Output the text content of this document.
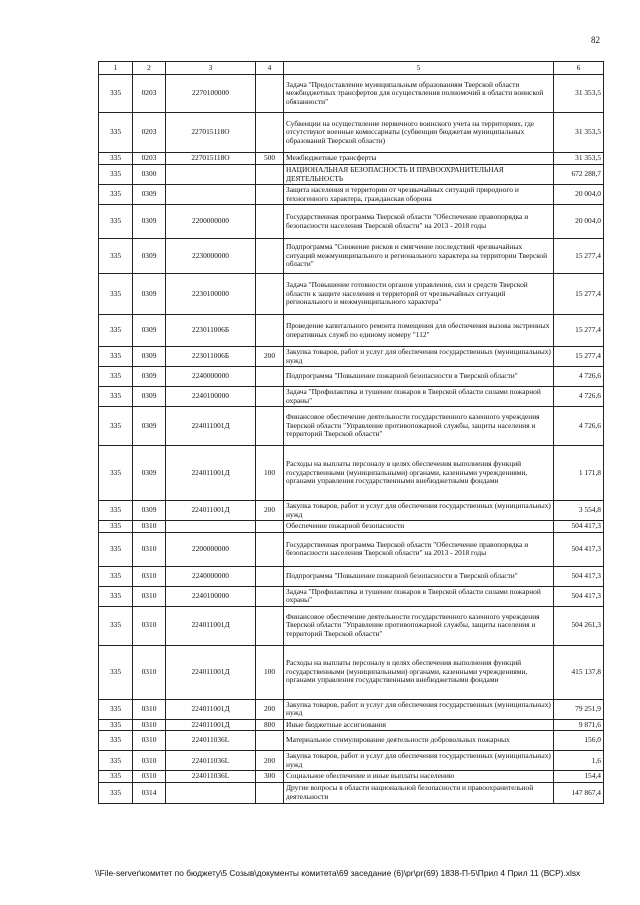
82
1	2	3	4	5	6
335	0203	2270100000		Задача "Предоставление муниципальным образованиям Тверской области межбюджетных трансфертов для осуществления полномочий в области воинской обязанности"	31 353,5
335	0203	227015118О		Субвенции на осуществление первичного воинского учета на территориях, где отсутствуют военные комиссариаты (субвенции бюджетам муниципальных образований Тверской области)	31 353,5
335	0203	227015118О	500	Межбюджетные трансферты	31 353,5
335	0300			НАЦИОНАЛЬНАЯ БЕЗОПАСНОСТЬ И ПРАВООХРАНИТЕЛЬНАЯ ДЕЯТЕЛЬНОСТЬ	672 288,7
335	0309			Защита населения и территории от чрезвычайных ситуаций природного и техногенного характера, гражданская оборона	20 004,0
335	0309	2200000000		Государственная программа Тверской области "Обеспечение правопорядка и безопасности населения Тверской области" на 2013 - 2018 годы	20 004,0
335	0309	2230000000		Подпрограмма "Снижение рисков и смягчение последствий чрезвычайных ситуаций межмуниципального и регионального характера на территории Тверской области"	15 277,4
335	0309	2230100000		Задача "Повышение готовности органов управления, сил и средств Тверской области к защите населения и территорий от чрезвычайных ситуаций регионального и межмуниципального характера"	15 277,4
335	0309	223011006Б		Проведение капитального ремонта помещения для обеспечения вызова экстренных оперативных служб по единому номеру "112"	15 277,4
335	0309	223011006Б	200	Закупка товаров, работ и услуг для обеспечения государственных (муниципальных) нужд	15 277,4
335	0309	2240000000		Подпрограмма "Повышение пожарной безопасности в Тверской области"	4 726,6
335	0309	2240100000		Задача "Профилактика и тушение пожаров в Тверской области силами пожарной охраны"	4 726,6
335	0309	224011001Д		Финансовое обеспечение деятельности государственного казенного учреждения Тверской области "Управление противопожарной службы, защиты населения и территорий Тверской области"	4 726,6
335	0309	224011001Д	100	Расходы на выплаты персоналу в целях обеспечения выполнения функций государственными (муниципальными) органами, казенными учреждениями, органами управления государственными внебюджетными фондами	1 171,8
335	0309	224011001Д	200	Закупка товаров, работ и услуг для обеспечения государственных (муниципальных) нужд	3 554,8
335	0310			Обеспечение пожарной безопасности	504 417,3
335	0310	2200000000		Государственная программа Тверской области "Обеспечение правопорядка и безопасности населения Тверской области" на 2013 - 2018 годы	504 417,3
335	0310	2240000000		Подпрограмма "Повышение пожарной безопасности в Тверской области"	504 417,3
335	0310	2240100000		Задача "Профилактика и тушение пожаров в Тверской области силами пожарной охраны"	504 417,3
335	0310	224011001Д		Финансовое обеспечение деятельности государственного казенного учреждения Тверской области "Управление противопожарной службы, защиты населения и территорий Тверской области"	504 261,3
335	0310	224011001Д	100	Расходы на выплаты персоналу в целях обеспечения выполнения функций государственными (муниципальными) органами, казенными учреждениями, органами управления государственными внебюджетными фондами	415 137,8
335	0310	224011001Д	200	Закупка товаров, работ и услуг для обеспечения государственных (муниципальных) нужд	79 251,9
335	0310	224011001Д	800	Иные бюджетные ассигнования	9 871,6
335	0310	224011036L		Материальное стимулирование деятельности добровольных пожарных	156,0
335	0310	224011036L	200	Закупка товаров, работ и услуг для обеспечения государственных (муниципальных) нужд	1,6
335	0310	224011036L	300	Социальное обеспечение и иные выплаты населению	154,4
335	0314			Другие вопросы в области национальной безопасности и правоохранительной деятельности	147 867,4
\\File-server\комитет по бюджету\5 Созыв\документы комитета\69 заседание (6)\pr\pr(69) 1838-П-5\Прил 4 Прил 11 (ВСР).xlsx
